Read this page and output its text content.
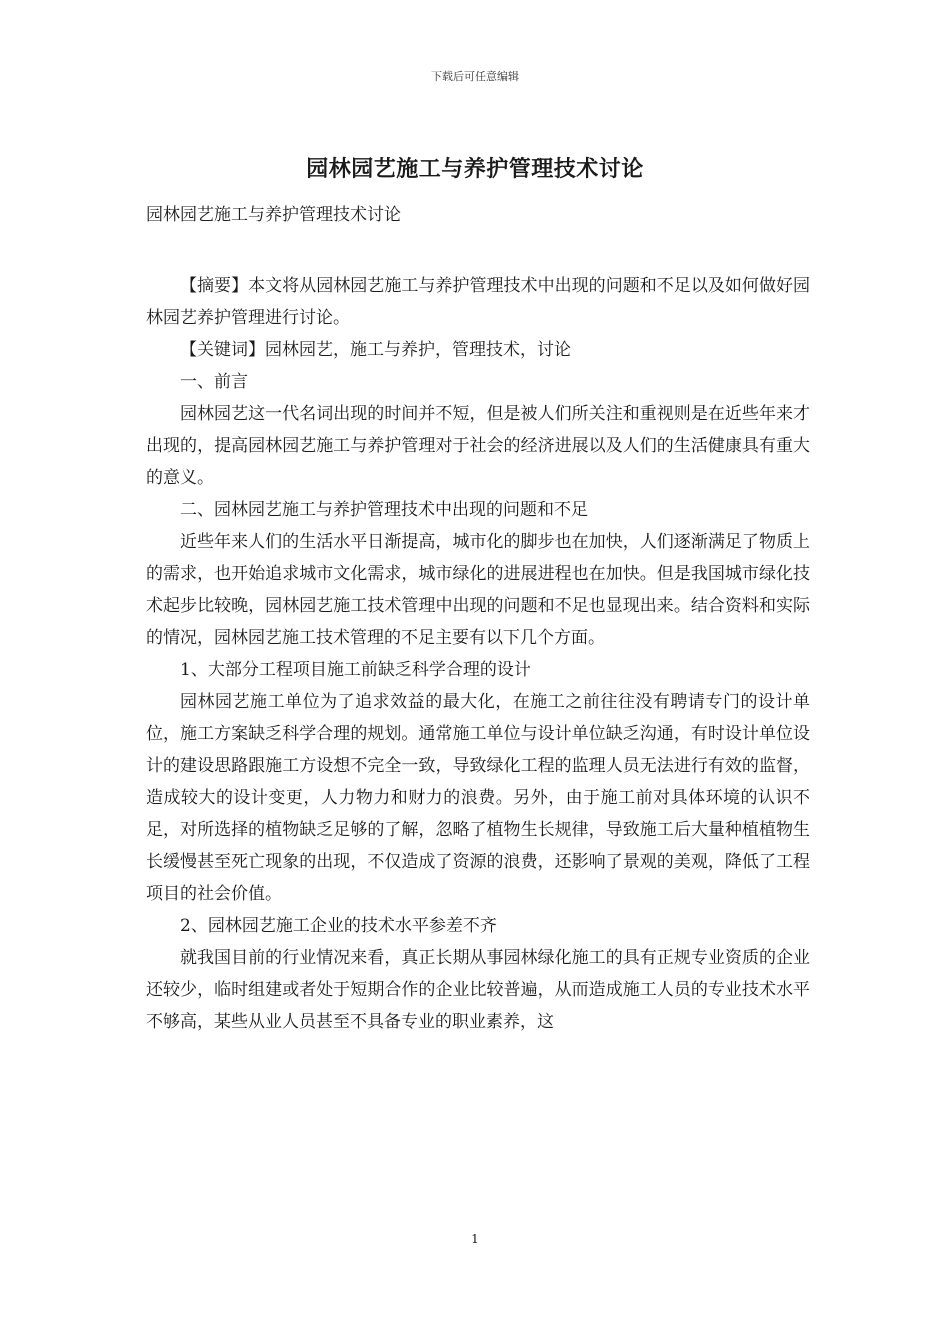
下载后可任意编辑
园林园艺施工与养护管理技术讨论
园林园艺施工与养护管理技术讨论

【摘要】本文将从园林园艺施工与养护管理技术中出现的问题和不足以及如何做好园林园艺养护管理进行讨论。

【关键词】园林园艺，施工与养护，管理技术，讨论

一、前言

园林园艺这一代名词出现的时间并不短，但是被人们所关注和重视则是在近些年来才出现的，提高园林园艺施工与养护管理对于社会的经济进展以及人们的生活健康具有重大的意义。

二、园林园艺施工与养护管理技术中出现的问题和不足

近些年来人们的生活水平日渐提高，城市化的脚步也在加快，人们逐渐满足了物质上的需求，也开始追求城市文化需求，城市绿化的进展进程也在加快。但是我国城市绿化技术起步比较晚，园林园艺施工技术管理中出现的问题和不足也显现出来。结合资料和实际的情况，园林园艺施工技术管理的不足主要有以下几个方面。

1、大部分工程项目施工前缺乏科学合理的设计

园林园艺施工单位为了追求效益的最大化，在施工之前往往没有聘请专门的设计单位，施工方案缺乏科学合理的规划。通常施工单位与设计单位缺乏沟通，有时设计单位设计的建设思路跟施工方设想不完全一致，导致绿化工程的监理人员无法进行有效的监督，造成较大的设计变更，人力物力和财力的浪费。另外，由于施工前对具体环境的认识不足，对所选择的植物缺乏足够的了解，忽略了植物生长规律，导致施工后大量种植植物生长缓慢甚至死亡现象的出现，不仅造成了资源的浪费，还影响了景观的美观，降低了工程项目的社会价值。

2、园林园艺施工企业的技术水平参差不齐

就我国目前的行业情况来看，真正长期从事园林绿化施工的具有正规专业资质的企业还较少，临时组建或者处于短期合作的企业比较普遍，从而造成施工人员的专业技术水平不够高，某些从业人员甚至不具备专业的职业素养，这

1
